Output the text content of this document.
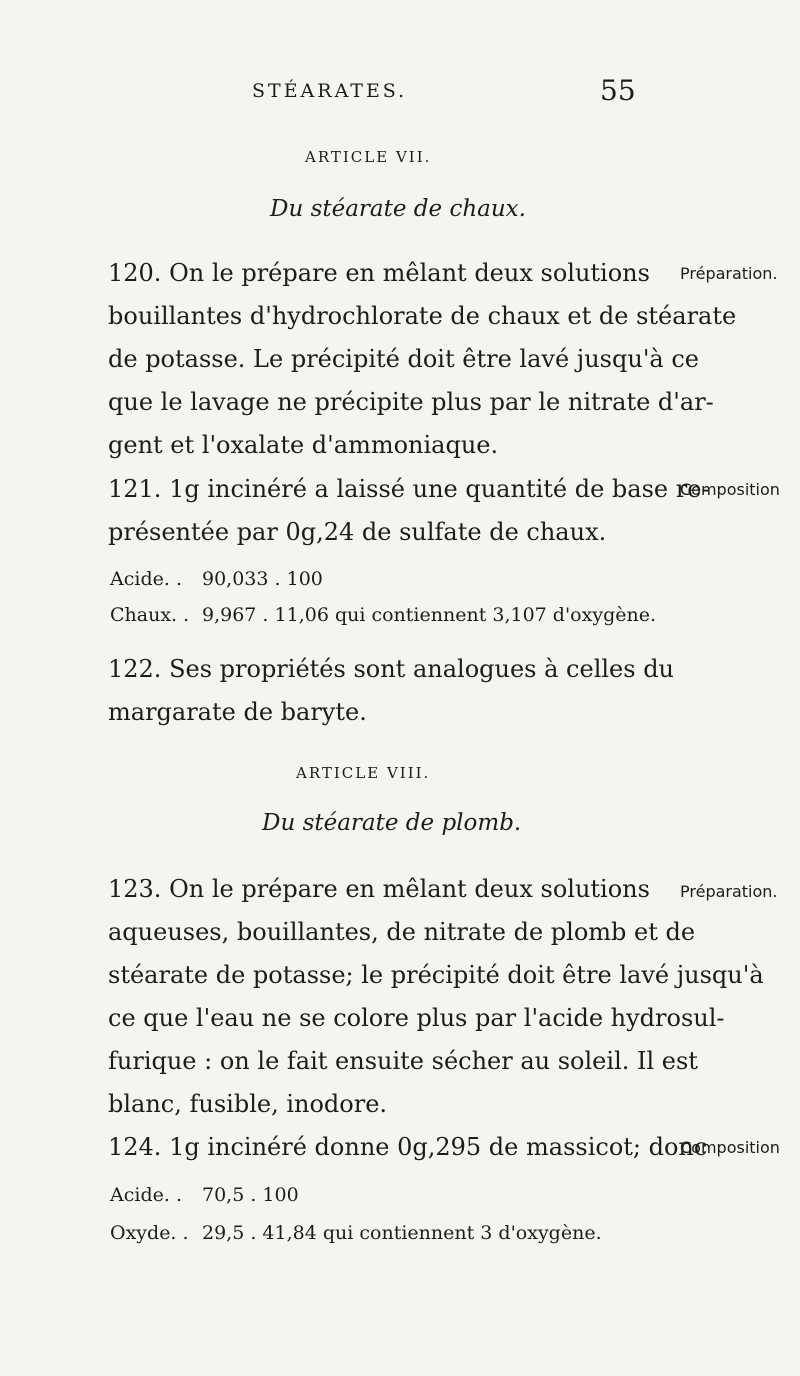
STÉARATES.	55
ARTICLE VII.
Du stéarate de chaux.
120. On le prépare en mêlant deux solutions
bouillantes d'hydrochlorate de chaux et de stéarate
de potasse. Le précipité doit être lavé jusqu'à ce
que le lavage ne précipite plus par le nitrate d'ar-
gent et l'oxalate d'ammoniaque.
Préparation.
121. 1g incinéré a laissé une quantité de base re-
présentée par 0g,24 de sulfate de chaux.
Composition
Acide. . 90,033 . 100
Chaux. . 9,967 . 11,06 qui contiennent 3,107 d'oxygène.
122. Ses propriétés sont analogues à celles du
margarate de baryte.
ARTICLE VIII.
Du stéarate de plomb.
123. On le prépare en mêlant deux solutions
aqueuses, bouillantes, de nitrate de plomb et de
stéarate de potasse; le précipité doit être lavé jusqu'à
ce que l'eau ne se colore plus par l'acide hydrosul-
furique : on le fait ensuite sécher au soleil. Il est
blanc, fusible, inodore.
Préparation.
124. 1g incinéré donne 0g,295 de massicot; donc
Composition
Acide. . 70,5 . 100
Oxyde. . 29,5 . 41,84 qui contiennent 3 d'oxygène.
